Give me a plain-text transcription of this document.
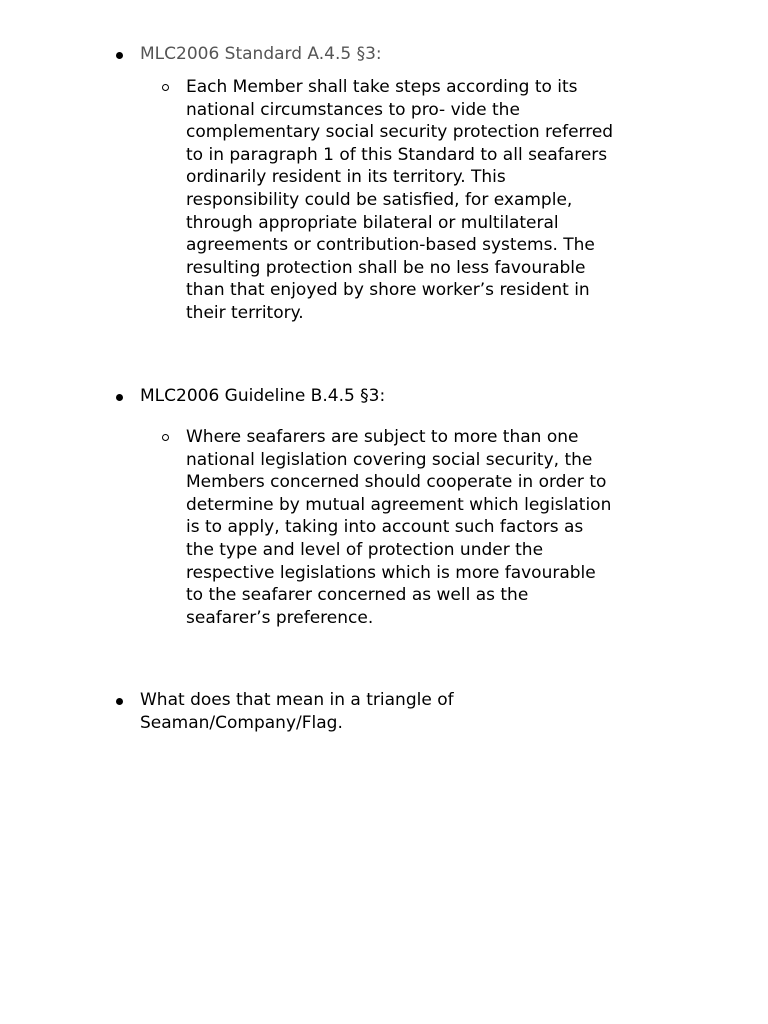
MLC2006 Standard A.4.5 §3:
Each Member shall take steps according to its
national circumstances to pro- vide the
complementary social security protection referred
to in paragraph 1 of this Standard to all seafarers
ordinarily resident in its territory. This
responsibility could be satisfied, for example,
through appropriate bilateral or multilateral
agreements or contribution-based systems. The
resulting protection shall be no less favourable
than that enjoyed by shore worker’s resident in
their territory.
MLC2006 Guideline B.4.5 §3:
Where seafarers are subject to more than one
national legislation covering social security, the
Members concerned should cooperate in order to
determine by mutual agreement which legislation
is to apply, taking into account such factors as
the type and level of protection under the
respective legislations which is more favourable
to the seafarer concerned as well as the
seafarer’s preference.
What does that mean in a triangle of
Seaman/Company/Flag.
